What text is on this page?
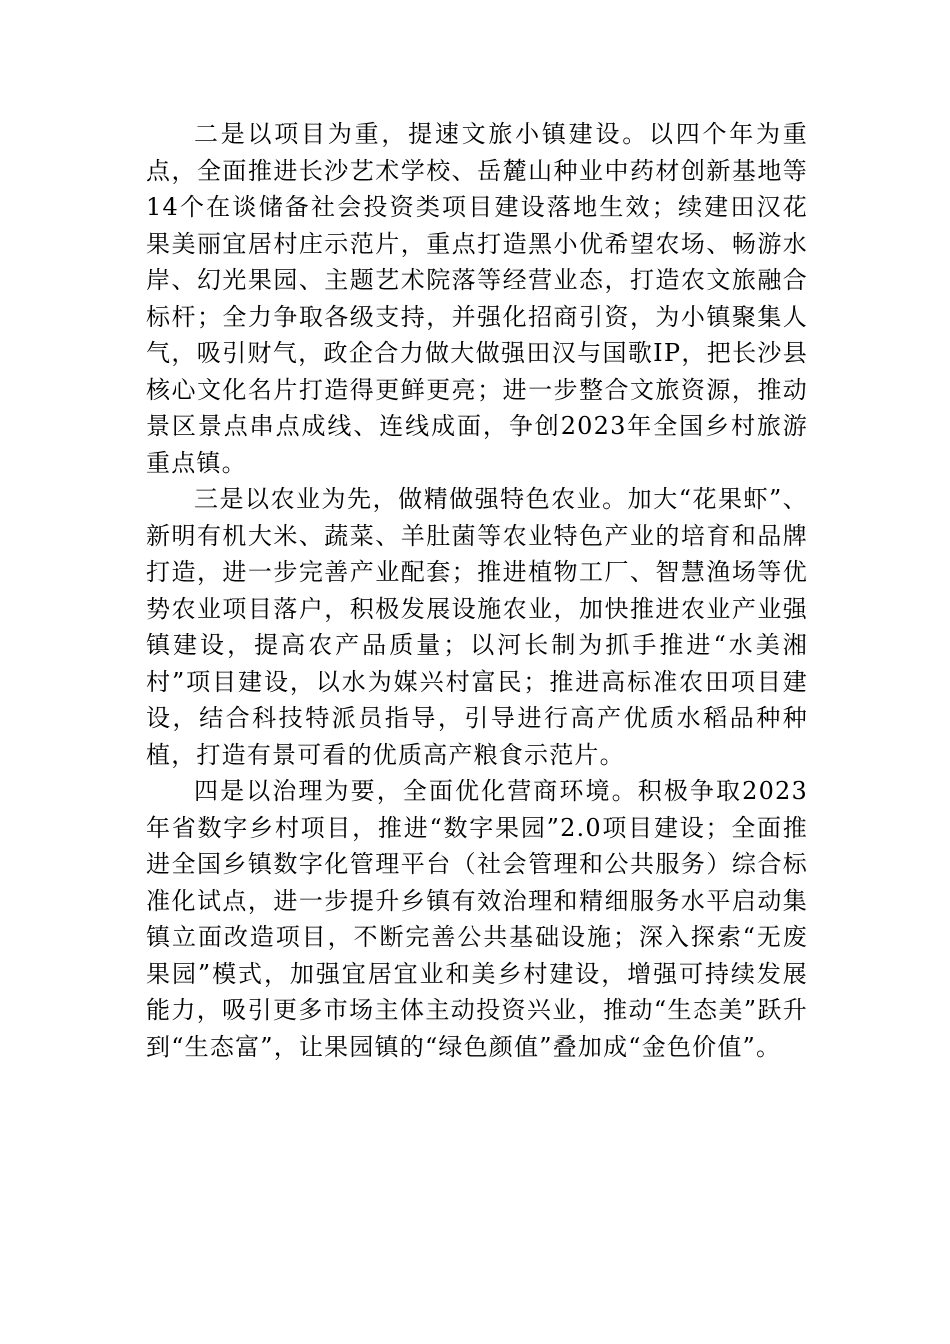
二是以项目为重，提速文旅小镇建设。以四个年为重点，全面推进长沙艺术学校、岳麓山种业中药材创新基地等14个在谈储备社会投资类项目建设落地生效；续建田汉花果美丽宜居村庄示范片，重点打造黑小优希望农场、畅游水岸、幻光果园、主题艺术院落等经营业态，打造农文旅融合标杆；全力争取各级支持，并强化招商引资，为小镇聚集人气，吸引财气，政企合力做大做强田汉与国歌IP，把长沙县核心文化名片打造得更鲜更亮；进一步整合文旅资源，推动景区景点串点成线、连线成面，争创2023年全国乡村旅游重点镇。

三是以农业为先，做精做强特色农业。加大“花果虾”、新明有机大米、蔬菜、羊肚菌等农业特色产业的培育和品牌打造，进一步完善产业配套；推进植物工厂、智慧渔场等优势农业项目落户，积极发展设施农业，加快推进农业产业强镇建设，提高农产品质量；以河长制为抓手推进“水美湘村”项目建设，以水为媒兴村富民；推进高标准农田项目建设，结合科技特派员指导，引导进行高产优质水稻品种种植，打造有景可看的优质高产粮食示范片。

四是以治理为要，全面优化营商环境。积极争取2023年省数字乡村项目，推进“数字果园”2.0项目建设；全面推进全国乡镇数字化管理平台（社会管理和公共服务）综合标准化试点，进一步提升乡镇有效治理和精细服务水平启动集镇立面改造项目，不断完善公共基础设施；深入探索“无废果园”模式，加强宜居宜业和美乡村建设，增强可持续发展能力，吸引更多市场主体主动投资兴业，推动“生态美”跃升到“生态富”，让果园镇的“绿色颜值”叠加成“金色价值”。
